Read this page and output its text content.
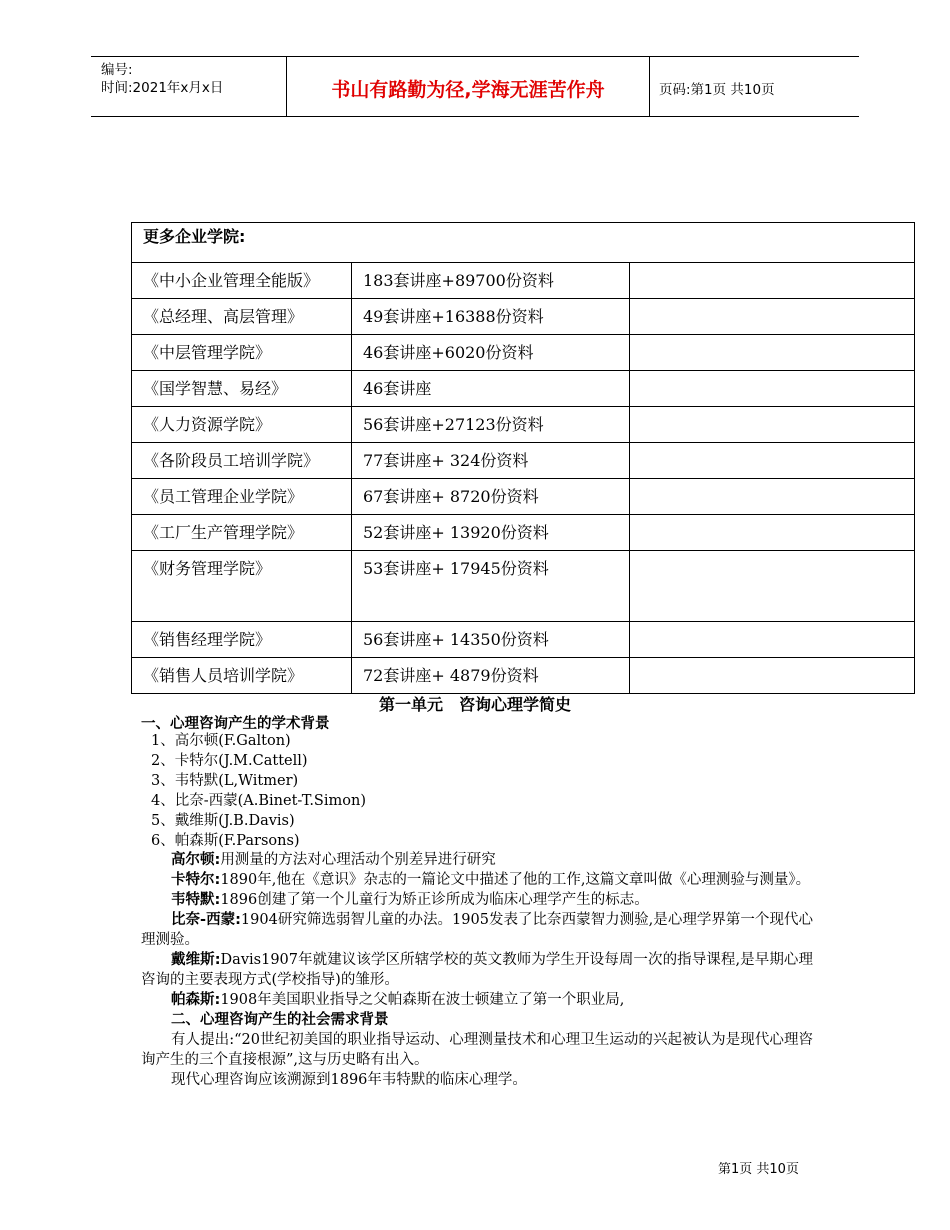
编号:
时间:2021年x月x日	书山有路勤为径,学海无涯苦作舟	页码:第1页 共10页
更多企业学院:		
《中小企业管理全能版》	183套讲座+89700份资料	
《总经理、高层管理》	49套讲座+16388份资料	
《中层管理学院》	46套讲座+6020份资料	
《国学智慧、易经》	46套讲座	
《人力资源学院》	56套讲座+27123份资料	
《各阶段员工培训学院》	77套讲座+ 324份资料	
《员工管理企业学院》	67套讲座+ 8720份资料	
《工厂生产管理学院》	52套讲座+ 13920份资料	
《财务管理学院》	53套讲座+ 17945份资料	
《销售经理学院》	56套讲座+ 14350份资料	
《销售人员培训学院》	72套讲座+ 4879份资料	
第一单元　咨询心理学简史
一、心理咨询产生的学术背景
1、高尔顿(F.Galton)
2、卡特尔(J.M.Cattell)
3、韦特默(L,Witmer)
4、比奈-西蒙(A.Binet-T.Simon)
5、戴维斯(J.B.Davis)
6、帕森斯(F.Parsons)

高尔顿:用测量的方法对心理活动个别差异进行研究

卡特尔:1890年,他在《意识》杂志的一篇论文中描述了他的工作,这篇文章叫做《心理测验与测量》。

韦特默:1896创建了第一个儿童行为矫正诊所成为临床心理学产生的标志。

比奈-西蒙:1904研究筛选弱智儿童的办法。1905发表了比奈西蒙智力测验,是心理学界第一个现代心理测验。

戴维斯:Davis1907年就建议该学区所辖学校的英文教师为学生开设每周一次的指导课程,是早期心理咨询的主要表现方式(学校指导)的雏形。

帕森斯:1908年美国职业指导之父帕森斯在波士顿建立了第一个职业局,

二、心理咨询产生的社会需求背景

有人提出:“20世纪初美国的职业指导运动、心理测量技术和心理卫生运动的兴起被认为是现代心理咨询产生的三个直接根源”,这与历史略有出入。

现代心理咨询应该溯源到1896年韦特默的临床心理学。

第1页 共10页
